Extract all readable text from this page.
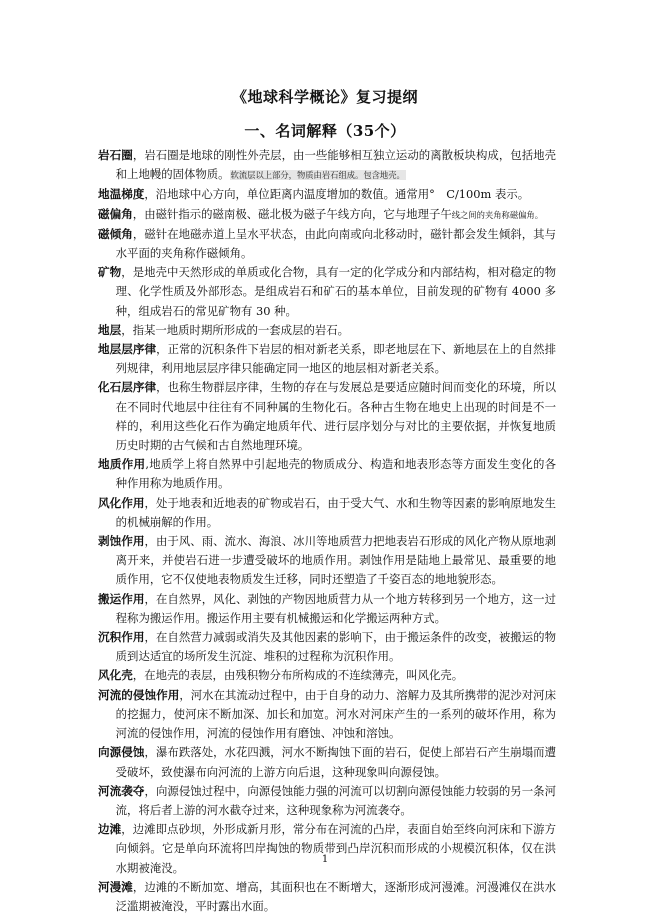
《地球科学概论》复习提纲
一、名词解释（35个）

岩石圈，岩石圈是地球的刚性外壳层，由一些能够相互独立运动的离散板块构成，包括地壳和上地幔的固体物质。软流层以上部分，物质由岩石组成。包含地壳。

地温梯度，沿地球中心方向，单位距离内温度增加的数值。通常用°　C/100m 表示。

磁偏角，由磁针指示的磁南极、磁北极为磁子午线方向，它与地理子午线之间的夹角称磁偏角。

磁倾角，磁针在地磁赤道上呈水平状态，由此向南或向北移动时，磁针都会发生倾斜，其与水平面的夹角称作磁倾角。

矿物，是地壳中天然形成的单质或化合物，具有一定的化学成分和内部结构，相对稳定的物理、化学性质及外部形态。是组成岩石和矿石的基本单位，目前发现的矿物有 4000 多种，组成岩石的常见矿物有 30 种。

地层，指某一地质时期所形成的一套成层的岩石。

地层层序律，正常的沉积条件下岩层的相对新老关系，即老地层在下、新地层在上的自然排列规律，利用地层层序律只能确定同一地区的地层相对新老关系。

化石层序律，也称生物群层序律，生物的存在与发展总是要适应随时间而变化的环境，所以在不同时代地层中往往有不同种属的生物化石。各种古生物在地史上出现的时间是不一样的，利用这些化石作为确定地质年代、进行层序划分与对比的主要依据，并恢复地质历史时期的古气候和古自然地理环境。

地质作用,地质学上将自然界中引起地壳的物质成分、构造和地表形态等方面发生变化的各种作用称为地质作用。

风化作用，处于地表和近地表的矿物或岩石，由于受大气、水和生物等因素的影响原地发生的机械崩解的作用。

剥蚀作用，由于风、雨、流水、海浪、冰川等地质营力把地表岩石形成的风化产物从原地剥离开来，并使岩石进一步遭受破坏的地质作用。剥蚀作用是陆地上最常见、最重要的地质作用，它不仅使地表物质发生迁移，同时还塑造了千姿百态的地地貌形态。

搬运作用，在自然界，风化、剥蚀的产物因地质营力从一个地方转移到另一个地方，这一过程称为搬运作用。搬运作用主要有机械搬运和化学搬运两种方式。

沉积作用，在自然营力减弱或消失及其他因素的影响下，由于搬运条件的改变，被搬运的物质到达适宜的场所发生沉淀、堆积的过程称为沉积作用。

风化壳，在地壳的表层，由残积物分布所构成的不连续薄壳，叫风化壳。

河流的侵蚀作用，河水在其流动过程中，由于自身的动力、溶解力及其所携带的泥沙对河床的挖掘力，使河床不断加深、加长和加宽。河水对河床产生的一系列的破坏作用，称为河流的侵蚀作用，河流的侵蚀作用有磨蚀、冲蚀和溶蚀。

向源侵蚀，瀑布跌落处，水花四溅，河水不断掏蚀下面的岩石，促使上部岩石产生崩塌而遭受破坏，致使瀑布向河流的上游方向后退，这种现象叫向源侵蚀。

河流袭夺，向源侵蚀过程中，向源侵蚀能力强的河流可以切割向源侵蚀能力较弱的另一条河流，将后者上游的河水截夺过来，这种现象称为河流袭夺。

边滩，边滩即点砂坝，外形成新月形，常分布在河流的凸岸，表面自始至终向河床和下游方向倾斜。它是单向环流将凹岸掏蚀的物质带到凸岸沉积而形成的小规模沉积体，仅在洪水期被淹没。

河漫滩，边滩的不断加宽、增高，其面积也在不断增大，逐渐形成河漫滩。河漫滩仅在洪水泛滥期被淹没，平时露出水面。

1
